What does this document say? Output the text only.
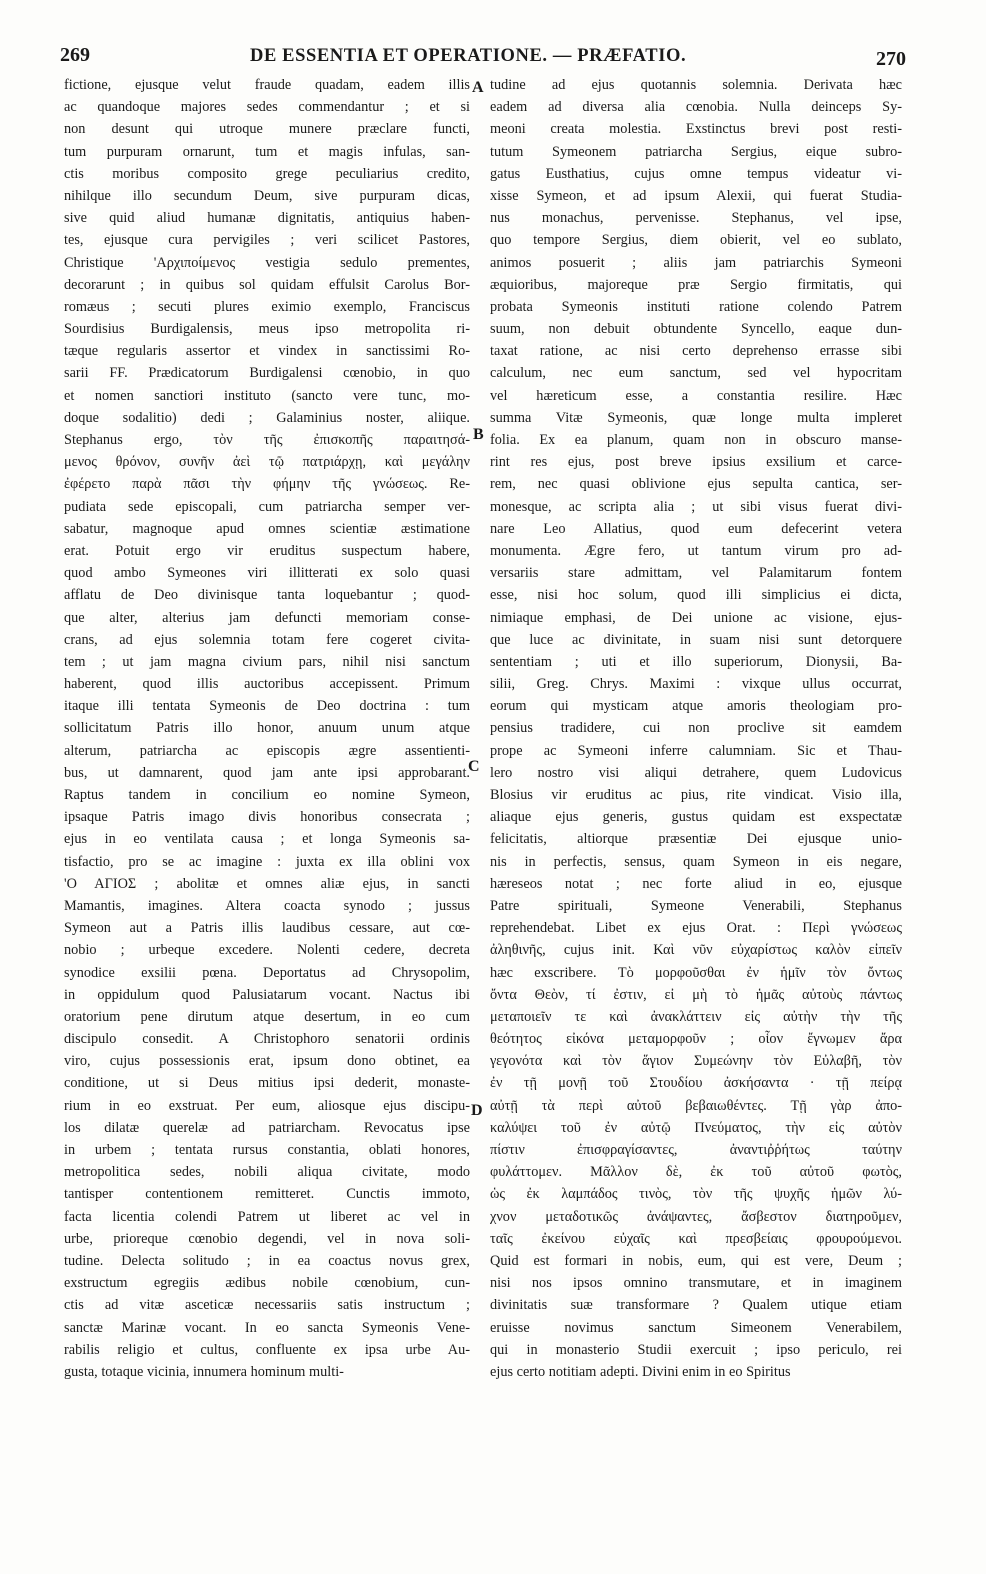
269	DE ESSENTIA ET OPERATIONE. — PRÆFATIO.	270
fictione, ejusque velut fraude quadam, eadem illis
ac quandoque majores sedes commendantur ; et si
non desunt qui utroque munere præclare functi,
tum purpuram ornarunt, tum et magis infulas, san-
ctis moribus composito grege peculiarius credito,
nihilque illo secundum Deum, sive purpuram dicas,
sive quid aliud humanæ dignitatis, antiquius haben-
tes, ejusque cura pervigiles ; veri scilicet Pastores,
Christique 'Αρχιποίμενος vestigia sedulo prementes,
decorarunt ; in quibus sol quidam effulsit Carolus Bor-
romæus ; secuti plures eximio exemplo, Franciscus
Sourdisius Burdigalensis, meus ipso metropolita ri-
tæque regularis assertor et vindex in sanctissimi Ro-
sarii FF. Prædicatorum Burdigalensi cœnobio, in quo
et nomen sanctiori instituto (sancto vere tunc, mo-
doque sodalitio) dedi ; Galaminius noster, aliique.
Stephanus ergo, τὸν τῆς ἐπισκοπῆς παραιτησά-
μενος θρόνον, συνῆν ἀεὶ τῷ πατριάρχῃ, καὶ μεγάλην
ἐφέρετο παρὰ πᾶσι τὴν φήμην τῆς γνώσεως. Re-
pudiata sede episcopali, cum patriarcha semper ver-
sabatur, magnoque apud omnes scientiæ æstimatione
erat. Potuit ergo vir eruditus suspectum habere,
quod ambo Symeones viri illitterati ex solo quasi
afflatu de Deo divinisque tanta loquebantur ; quod-
que alter, alterius jam defuncti memoriam conse-
crans, ad ejus solemnia totam fere cogeret civita-
tem ; ut jam magna civium pars, nihil nisi sanctum
haberent, quod illis auctoribus accepissent. Primum
itaque illi tentata Symeonis de Deo doctrina : tum
sollicitatum Patris illo honor, anuum unum atque
alterum, patriarcha ac episcopis ægre assentienti-
bus, ut damnarent, quod jam ante ipsi approbarant.
Raptus tandem in concilium eo nomine Symeon,
ipsaque Patris imago divis honoribus consecrata ;
ejus in eo ventilata causa ; et longa Symeonis sa-
tisfactio, pro se ac imagine : juxta ex illa oblini vox
'Ο ΑΓΙΟΣ ; abolitæ et omnes aliæ ejus, in sancti
Mamantis, imagines. Altera coacta synodo ; jussus
Symeon aut a Patris illis laudibus cessare, aut cœ-
nobio ; urbeque excedere. Nolenti cedere, decreta
synodice exsilii pœna. Deportatus ad Chrysopolim,
in oppidulum quod Palusiatarum vocant. Nactus ibi
oratorium pene dirutum atque desertum, in eo cum
discipulo consedit. A Christophoro senatorii ordinis
viro, cujus possessionis erat, ipsum dono obtinet, ea
conditione, ut si Deus mitius ipsi dederit, monaste-
rium in eo exstruat. Per eum, aliosque ejus discipu-
los dilatæ querelæ ad patriarcham. Revocatus ipse
in urbem ; tentata rursus constantia, oblati honores,
metropolitica sedes, nobili aliqua civitate, modo
tantisper contentionem remitteret. Cunctis immoto,
facta licentia colendi Patrem ut liberet ac vel in
urbe, prioreque cœnobio degendi, vel in nova soli-
tudine. Delecta solitudo ; in ea coactus novus grex,
exstructum egregiis ædibus nobile cœnobium, cun-
ctis ad vitæ asceticæ necessariis satis instructum ;
sanctæ Marinæ vocant. In eo sancta Symeonis Vene-
rabilis religio et cultus, confluente ex ipsa urbe Au-
gusta, totaque vicinia, innumera hominum multi-
tudine ad ejus quotannis solemnia. Derivata hæc
eadem ad diversa alia cœnobia. Nulla deinceps Sy-
meoni creata molestia. Exstinctus brevi post resti-
tutum Symeonem patriarcha Sergius, eique subro-
gatus Eusthatius, cujus omne tempus videatur vi-
xisse Symeon, et ad ipsum Alexii, qui fuerat Studia-
nus monachus, pervenisse. Stephanus, vel ipse,
quo tempore Sergius, diem obierit, vel eo sublato,
animos posuerit ; aliis jam patriarchis Symeoni
æquioribus, majoreque præ Sergio firmitatis, qui
probata Symeonis instituti ratione colendo Patrem
suum, non debuit obtundente Syncello, eaque dun-
taxat ratione, ac nisi certo deprehenso errasse sibi
calculum, nec eum sanctum, sed vel hypocritam
vel hæreticum esse, a constantia resilire. Hæc
summa Vitæ Symeonis, quæ longe multa impleret
folia. Ex ea planum, quam non in obscuro manse-
rint res ejus, post breve ipsius exsilium et carce-
rem, nec quasi oblivione ejus sepulta cantica, ser-
monesque, ac scripta alia ; ut sibi visus fuerat divi-
nare Leo Allatius, quod eum defecerint vetera
monumenta. Ægre fero, ut tantum virum pro ad-
versariis stare admittam, vel Palamitarum fontem
esse, nisi hoc solum, quod illi simplicius ei dicta,
nimiaque emphasi, de Dei unione ac visione, ejus-
que luce ac divinitate, in suam nisi sunt detorquere
sententiam ; uti et illo superiorum, Dionysii, Ba-
silii, Greg. Chrys. Maximi : vixque ullus occurrat,
eorum qui mysticam atque amoris theologiam pro-
pensius tradidere, cui non proclive sit eamdem
prope ac Symeoni inferre calumniam. Sic et Thau-
lero nostro visi aliqui detrahere, quem Ludovicus
Blosius vir eruditus ac pius, rite vindicat. Visio illa,
aliaque ejus generis, gustus quidam est exspectatæ
felicitatis, altiorque præsentiæ Dei ejusque unio-
nis in perfectis, sensus, quam Symeon in eis negare,
hæreseos notat ; nec forte aliud in eo, ejusque
Patre spirituali, Symeone Venerabili, Stephanus
reprehendebat. Libet ex ejus Orat. : Περὶ γνώσεως
ἀληθινῆς, cujus init. Καὶ νῦν εὐχαρίστως καλὸν εἰπεῖν
hæc exscribere. Τὸ μορφοῦσθαι ἐν ἡμῖν τὸν ὄντως
ὄντα Θεὸν, τί ἐστιν, εἰ μὴ τὸ ἡμᾶς αὐτοὺς πάντως
μεταποιεῖν τε καὶ ἀνακλάττειν εἰς αὐτὴν τὴν τῆς
θεότητος εἰκόνα μεταμορφοῦν ; οἷον ἔγνωμεν ἄρα
γεγονότα καὶ τὸν ἅγιον Συμεώνην τὸν Εὐλαβῆ, τὸν
ἐν τῇ μονῇ τοῦ Στουδίου ἀσκήσαντα · τῇ πείρᾳ
αὐτῇ τὰ περὶ αὐτοῦ βεβαιωθέντες. Τῇ γὰρ ἀπο-
καλύψει τοῦ ἐν αὐτῷ Πνεύματος, τὴν εἰς αὐτὸν
πίστιν ἐπισφραγίσαντες, ἀναντιῤῥήτως ταύτην
φυλάττομεν. Μᾶλλον δὲ, ἐκ τοῦ αὐτοῦ φωτὸς,
ὡς ἐκ λαμπάδος τινὸς, τὸν τῆς ψυχῆς ἡμῶν λύ-
χνον μεταδοτικῶς ἀνάψαντες, ἄσβεστον διατηροῦμεν,
ταῖς ἐκείνου εὐχαῖς καὶ πρεσβείαις φρουρούμενοι.
Quid est formari in nobis, eum, qui est vere, Deum ;
nisi nos ipsos omnino transmutare, et in imaginem
divinitatis suæ transformare ? Qualem utique etiam
eruisse novimus sanctum Simeonem Venerabilem,
qui in monasterio Studii exercuit ; ipso periculo, rei
ejus certo notitiam adepti. Divini enim in eo Spiritus
A
B
C
D
